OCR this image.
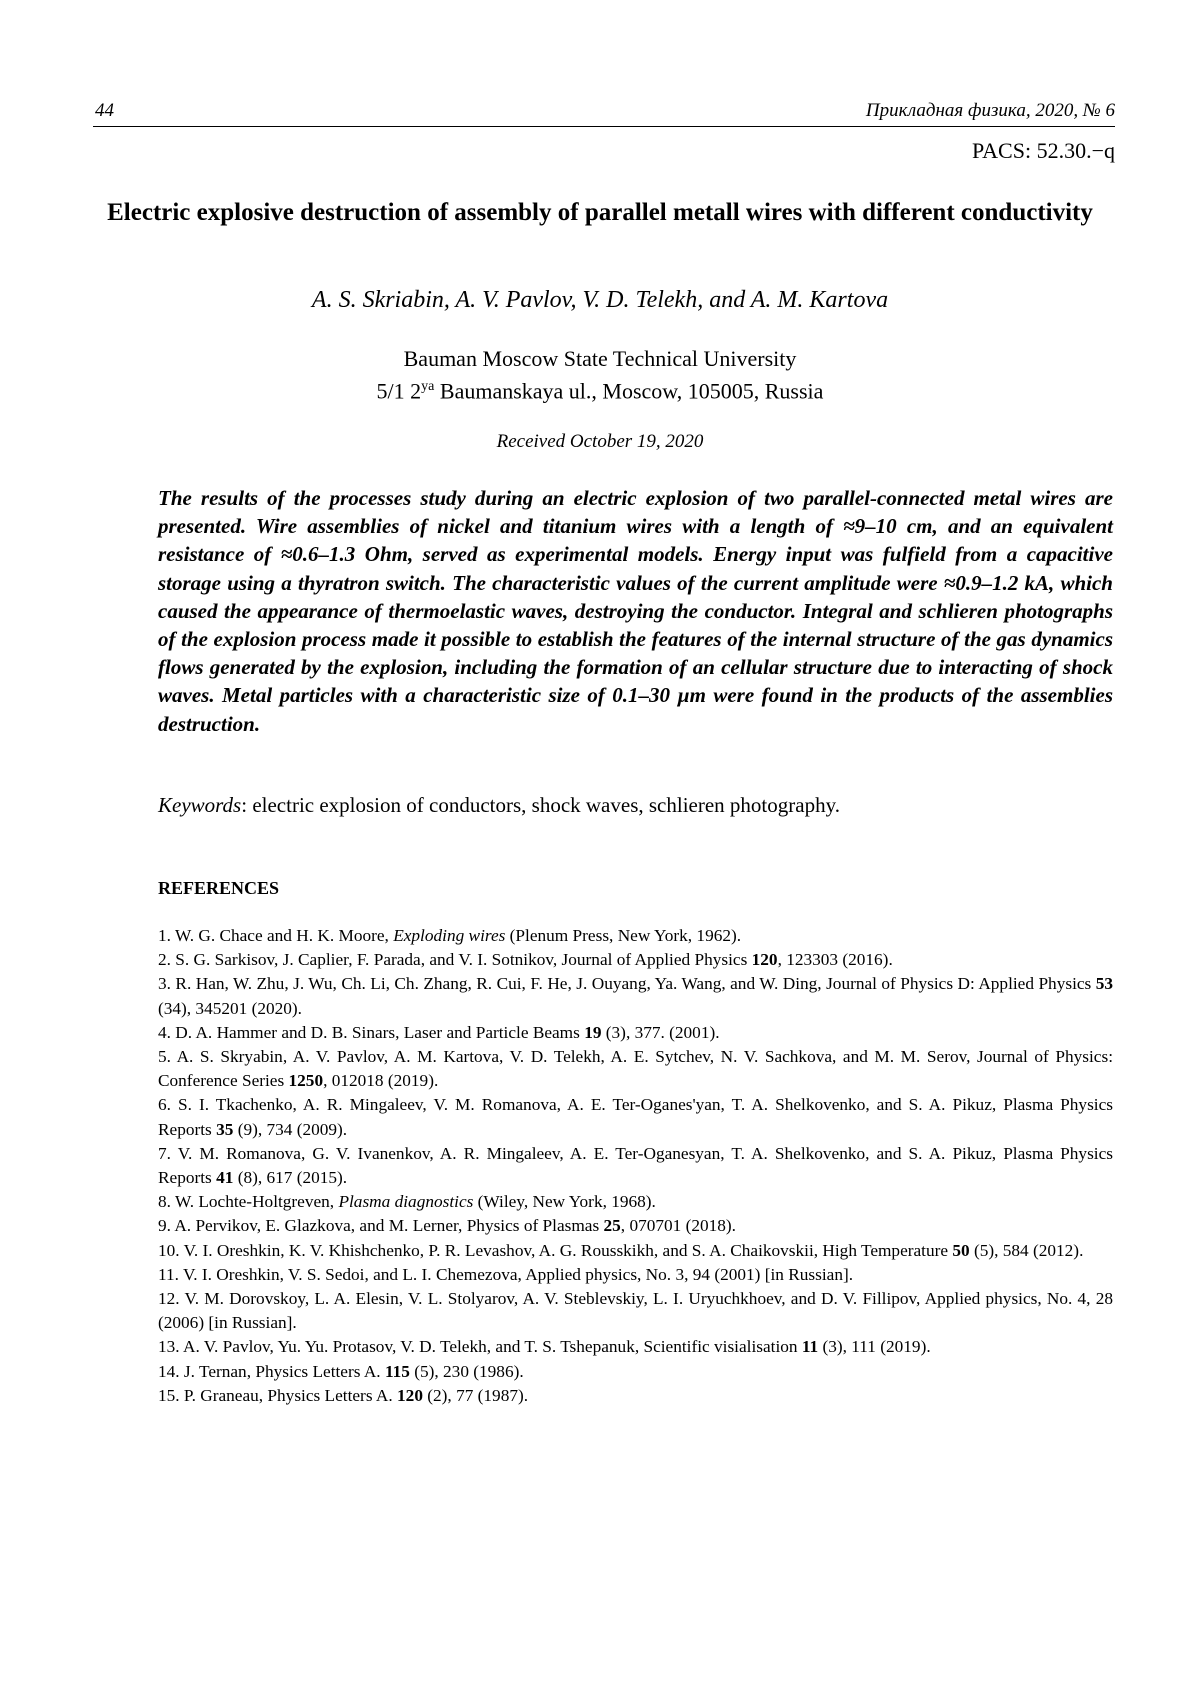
44	Прикладная физика, 2020, № 6
PACS: 52.30.−q
Electric explosive destruction of assembly of parallel metall wires with different conductivity
A. S. Skriabin, A. V. Pavlov, V. D. Telekh, and A. M. Kartova
Bauman Moscow State Technical University
5/1 2ya Baumanskaya ul., Moscow, 105005, Russia
Received October 19, 2020
The results of the processes study during an electric explosion of two parallel-connected metal wires are presented. Wire assemblies of nickel and titanium wires with a length of ≈9–10 cm, and an equivalent resistance of ≈0.6–1.3 Ohm, served as experimental models. Energy input was fulfield from a capacitive storage using a thyratron switch. The characteristic values of the current amplitude were ≈0.9–1.2 kA, which caused the appearance of thermoelastic waves, destroying the conductor. Integral and schlieren photographs of the explosion process made it possible to establish the features of the internal structure of the gas dynamics flows generated by the explosion, including the formation of an cellular structure due to interacting of shock waves. Metal particles with a characteristic size of 0.1–30 µm were found in the products of the assemblies destruction.
Keywords: electric explosion of conductors, shock waves, schlieren photography.
REFERENCES
1. W. G. Chace and H. K. Moore, Exploding wires (Plenum Press, New York, 1962).
2. S. G. Sarkisov, J. Caplier, F. Parada, and V. I. Sotnikov, Journal of Applied Physics 120, 123303 (2016).
3. R. Han, W. Zhu, J. Wu, Ch. Li, Ch. Zhang, R. Cui, F. He, J. Ouyang, Ya. Wang, and W. Ding, Journal of Physics D: Applied Physics 53 (34), 345201 (2020).
4. D. A. Hammer and D. B. Sinars, Laser and Particle Beams 19 (3), 377. (2001).
5. A. S. Skryabin, A. V. Pavlov, A. M. Kartova, V. D. Telekh, A. E. Sytchev, N. V. Sachkova, and M. M. Serov, Journal of Physics: Conference Series 1250, 012018 (2019).
6. S. I. Tkachenko, A. R. Mingaleev, V. M. Romanova, A. E. Ter-Oganes'yan, T. A. Shelkovenko, and S. A. Pikuz, Plasma Physics Reports 35 (9), 734 (2009).
7. V. M. Romanova, G. V. Ivanenkov, A. R. Mingaleev, A. E. Ter-Oganesyan, T. A. Shelkovenko, and S. A. Pikuz, Plasma Physics Reports 41 (8), 617 (2015).
8. W. Lochte-Holtgreven, Plasma diagnostics (Wiley, New York, 1968).
9. A. Pervikov, E. Glazkova, and M. Lerner, Physics of Plasmas 25, 070701 (2018).
10. V. I. Oreshkin, K. V. Khishchenko, P. R. Levashov, A. G. Rousskikh, and S. A. Chaikovskii, High Temperature 50 (5), 584 (2012).
11. V. I. Oreshkin, V. S. Sedoi, and L. I. Chemezova, Applied physics, No. 3, 94 (2001) [in Russian].
12. V. M. Dorovskoy, L. A. Elesin, V. L. Stolyarov, A. V. Steblevskiy, L. I. Uryuchkhoev, and D. V. Fillipov, Applied physics, No. 4, 28 (2006) [in Russian].
13. A. V. Pavlov, Yu. Yu. Protasov, V. D. Telekh, and T. S. Tshepanuk, Scientific visialisation 11 (3), 111 (2019).
14. J. Ternan, Physics Letters A. 115 (5), 230 (1986).
15. P. Graneau, Physics Letters A. 120 (2), 77 (1987).
